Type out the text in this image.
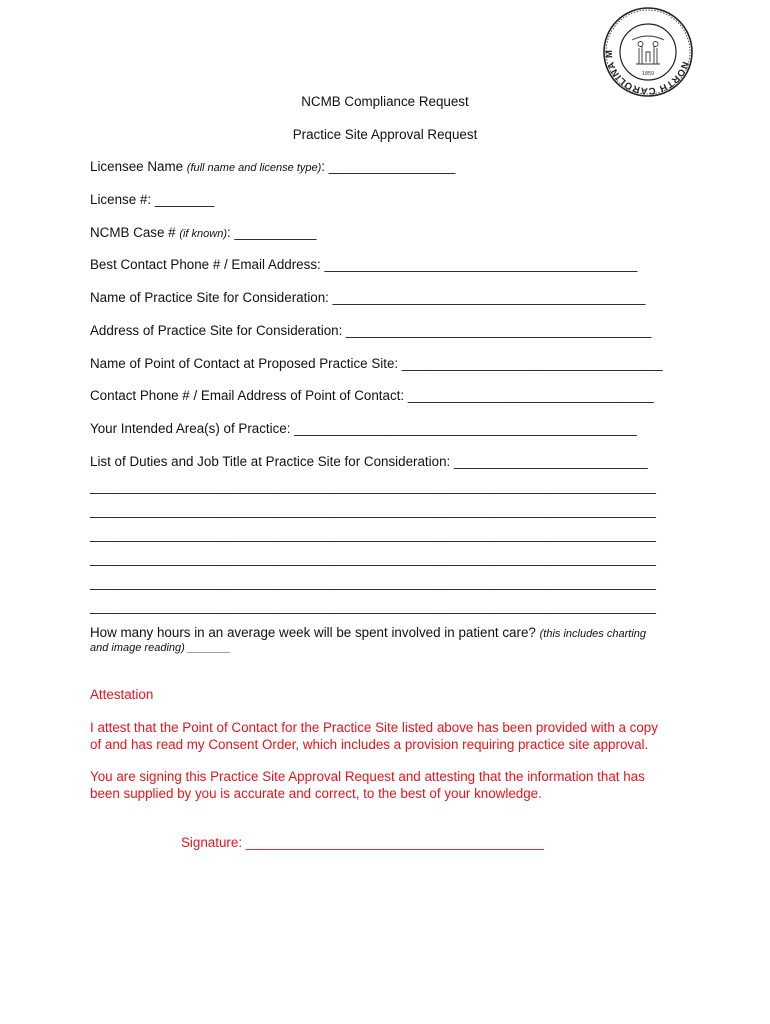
NORTH CAROLINA M
1859
NCMB Compliance Request
Practice Site Approval Request
Licensee Name (full name and license type): _________________
License #: ________
NCMB Case # (if known): ___________
Best Contact Phone # / Email Address: __________________________________________
Name of Practice Site for Consideration: __________________________________________
Address of Practice Site for Consideration: _________________________________________
Name of Point of Contact at Proposed Practice Site: ___________________________________
Contact Phone # / Email Address of Point of Contact: _________________________________
Your Intended Area(s) of Practice: ______________________________________________
List of Duties and Job Title at Practice Site for Consideration: __________________________
____________________________________________________________________________
____________________________________________________________________________
____________________________________________________________________________
____________________________________________________________________________
____________________________________________________________________________
____________________________________________________________________________
How many hours in an average week will be spent involved in patient care? (this includes charting
and image reading) _______
Attestation
I attest that the Point of Contact for the Practice Site listed above has been provided with a copy
of and has read my Consent Order, which includes a provision requiring practice site approval.
You are signing this Practice Site Approval Request and attesting that the information that has
been supplied by you is accurate and correct, to the best of your knowledge.
Signature: ________________________________________
